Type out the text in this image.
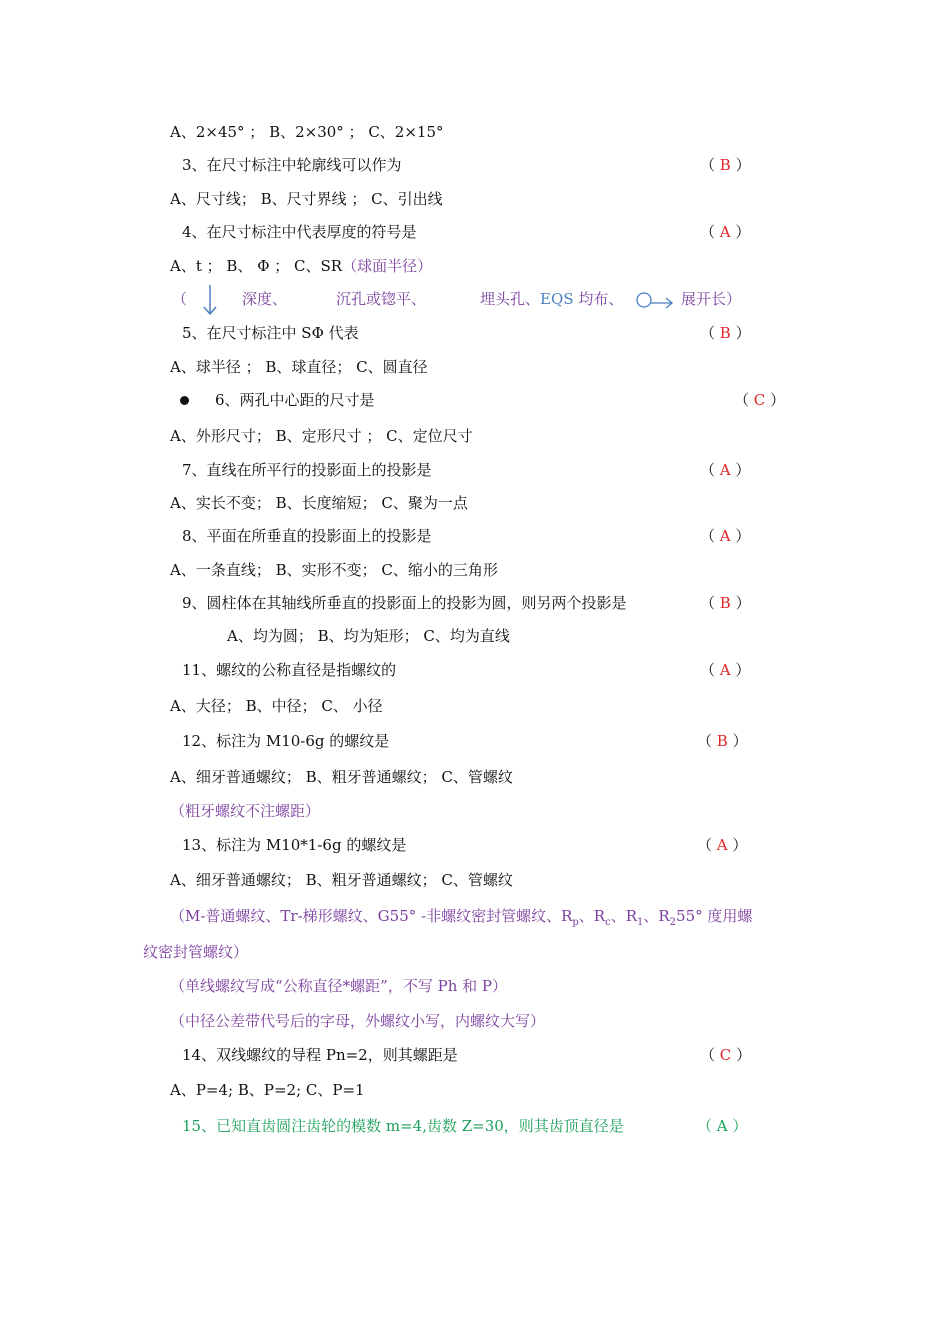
A、2×45° ； B、2×30° ； C、2×15°
3、在尺寸标注中轮廓线可以作为	（ B ）
A、尺寸线； B、尺寸界线 ； C、引出线
4、在尺寸标注中代表厚度的符号是	（ A ）
A、t ； B、 Φ ； C、SR（球面半径）
（	深度、	沉孔或锪平、	埋头孔、EQS 均布、	展开长）
5、在尺寸标注中 SΦ 代表	（ B ）
A、球半径 ； B、球直径； C、圆直径
6、两孔中心距的尺寸是	（ C ）
A、外形尺寸； B、定形尺寸 ； C、定位尺寸
7、直线在所平行的投影面上的投影是	（ A ）
A、实长不变； B、长度缩短； C、聚为一点
8、平面在所垂直的投影面上的投影是	（ A ）
A、一条直线； B、实形不变； C、缩小的三角形
9、圆柱体在其轴线所垂直的投影面上的投影为圆，则另两个投影是	（ B ）
A、均为圆； B、均为矩形； C、均为直线
11、螺纹的公称直径是指螺纹的	（ A ）
A、大径； B、中径； C、 小径
12、标注为 M10-6g 的螺纹是	（ B ）
A、细牙普通螺纹； B、粗牙普通螺纹； C、管螺纹
（粗牙螺纹不注螺距）
13、标注为 M10*1-6g 的螺纹是	（ A ）
A、细牙普通螺纹； B、粗牙普通螺纹； C、管螺纹
（M-普通螺纹、Tr-梯形螺纹、G55° -非螺纹密封管螺纹、$R_p$、$R_c$、$R_1$、$R_255^\circ$ 度用螺
纹密封管螺纹）
（单线螺纹写成“公称直径*螺距”，不写 Ph 和 P）
（中径公差带代号后的字母，外螺纹小写，内螺纹大写）
14、双线螺纹的导程 Pn=2，则其螺距是	（ C ）
A、P=4; B、P=2; C、P=1
15、已知直齿圆注齿轮的模数 m=4,齿数 Z=30，则其齿顶直径是	（ A ）
